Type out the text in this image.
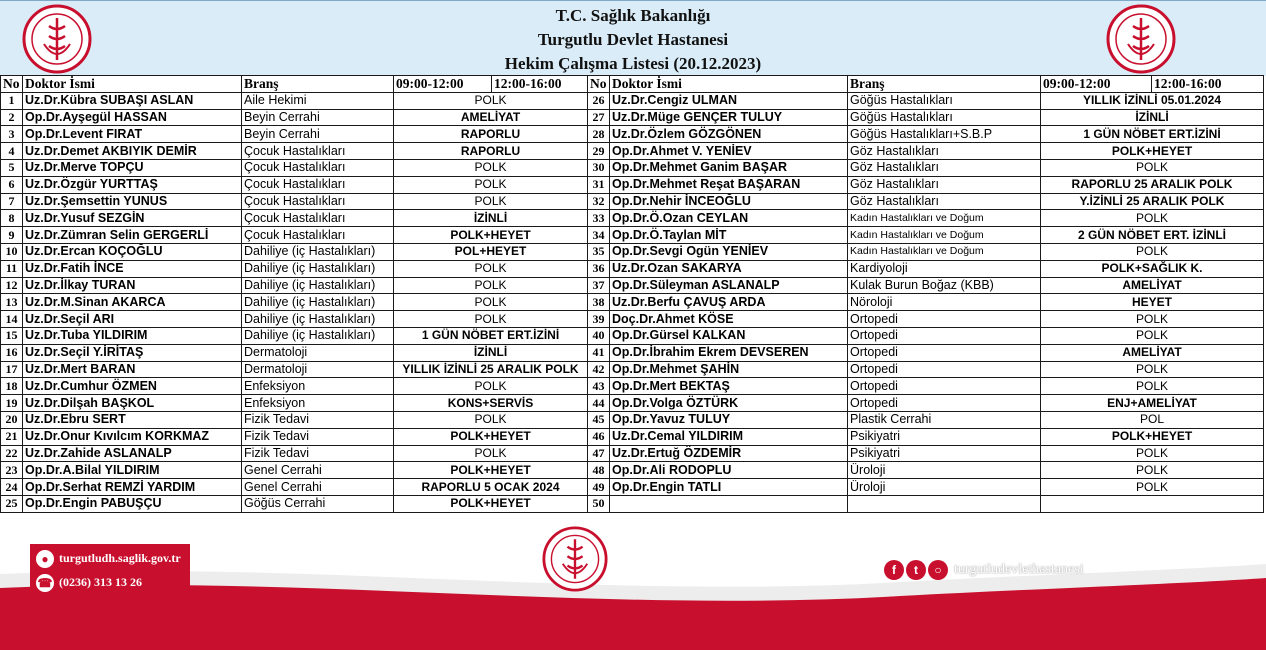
T.C. Sağlık Bakanlığı
Turgutlu Devlet Hastanesi
Hekim Çalışma Listesi (20.12.2023)
No	Doktor İsmi	Branş	09:00-12:00	12:00-16:00	No	Doktor İsmi	Branş	09:00-12:00	12:00-16:00
1	Uz.Dr.Kübra SUBAŞI ASLAN	Aile Hekimi	POLK		26	Uz.Dr.Cengiz ULMAN	Göğüs Hastalıkları	YILLIK İZİNLİ 05.01.2024	
2	Op.Dr.Ayşegül HASSAN	Beyin Cerrahi	AMELİYAT		27	Uz.Dr.Müge GENÇER TULUY	Göğüs Hastalıkları	İZİNLİ	
3	Op.Dr.Levent FIRAT	Beyin Cerrahi	RAPORLU		28	Uz.Dr.Özlem GÖZGÖNEN	Göğüs Hastalıkları+S.B.P	1 GÜN NÖBET ERT.İZİNİ	
4	Uz.Dr.Demet AKBIYIK DEMİR	Çocuk Hastalıkları	RAPORLU		29	Op.Dr.Ahmet V. YENİEV	Göz Hastalıkları	POLK+HEYET	
5	Uz.Dr.Merve TOPÇU	Çocuk Hastalıkları	POLK		30	Op.Dr.Mehmet Ganim BAŞAR	Göz Hastalıkları	POLK	
6	Uz.Dr.Özgür YURTTAŞ	Çocuk Hastalıkları	POLK		31	Op.Dr.Mehmet Reşat BAŞARAN	Göz Hastalıkları	RAPORLU 25 ARALIK POLK	
7	Uz.Dr.Şemsettin YUNUS	Çocuk Hastalıkları	POLK		32	Op.Dr.Nehir İNCEOĞLU	Göz Hastalıkları	Y.İZİNLİ 25 ARALIK POLK	
8	Uz.Dr.Yusuf SEZGİN	Çocuk Hastalıkları	İZİNLİ		33	Op.Dr.Ö.Ozan CEYLAN	Kadın Hastalıkları ve Doğum	POLK	
9	Uz.Dr.Zümran Selin GERGERLİ	Çocuk Hastalıkları	POLK+HEYET		34	Op.Dr.Ö.Taylan MİT	Kadın Hastalıkları ve Doğum	2 GÜN NÖBET ERT. İZİNLİ	
10	Uz.Dr.Ercan KOÇOĞLU	Dahiliye (iç Hastalıkları)	POL+HEYET		35	Op.Dr.Sevgi Ogün YENİEV	Kadın Hastalıkları ve Doğum	POLK	
11	Uz.Dr.Fatih İNCE	Dahiliye (iç Hastalıkları)	POLK		36	Uz.Dr.Ozan SAKARYA	Kardiyoloji	POLK+SAĞLIK K.	
12	Uz.Dr.İlkay TURAN	Dahiliye (iç Hastalıkları)	POLK		37	Op.Dr.Süleyman ASLANALP	Kulak Burun Boğaz (KBB)	AMELİYAT	
13	Uz.Dr.M.Sinan AKARCA	Dahiliye (iç Hastalıkları)	POLK		38	Uz.Dr.Berfu ÇAVUŞ ARDA	Nöroloji	HEYET	
14	Uz.Dr.Seçil ARI	Dahiliye (iç Hastalıkları)	POLK		39	Doç.Dr.Ahmet KÖSE	Ortopedi	POLK	
15	Uz.Dr.Tuba YILDIRIM	Dahiliye (iç Hastalıkları)	1 GÜN NÖBET ERT.İZİNİ		40	Op.Dr.Gürsel KALKAN	Ortopedi	POLK	
16	Uz.Dr.Seçil Y.İRİTAŞ	Dermatoloji	İZİNLİ		41	Op.Dr.İbrahim Ekrem DEVSEREN	Ortopedi	AMELİYAT	
17	Uz.Dr.Mert BARAN	Dermatoloji	YILLIK İZİNLİ 25 ARALIK POLK		42	Op.Dr.Mehmet ŞAHİN	Ortopedi	POLK	
18	Uz.Dr.Cumhur ÖZMEN	Enfeksiyon	POLK		43	Op.Dr.Mert BEKTAŞ	Ortopedi	POLK	
19	Uz.Dr.Dilşah BAŞKOL	Enfeksiyon	KONS+SERVİS		44	Op.Dr.Volga ÖZTÜRK	Ortopedi	ENJ+AMELİYAT	
20	Uz.Dr.Ebru SERT	Fizik Tedavi	POLK		45	Op.Dr.Yavuz TULUY	Plastik Cerrahi	POL	
21	Uz.Dr.Onur Kıvılcım KORKMAZ	Fizik Tedavi	POLK+HEYET		46	Uz.Dr.Cemal YILDIRIM	Psikiyatri	POLK+HEYET	
22	Uz.Dr.Zahide ASLANALP	Fizik Tedavi	POLK		47	Uz.Dr.Ertuğ ÖZDEMİR	Psikiyatri	POLK	
23	Op.Dr.A.Bilal YILDIRIM	Genel Cerrahi	POLK+HEYET		48	Op.Dr.Ali RODOPLU	Üroloji	POLK	
24	Op.Dr.Serhat REMZİ YARDIM	Genel Cerrahi	RAPORLU 5 OCAK 2024		49	Op.Dr.Engin TATLI	Üroloji	POLK	
25	Op.Dr.Engin PABUŞÇU	Göğüs Cerrahi	POLK+HEYET		50				
● turgutludh.saglik.gov.tr
☎ (0236) 313 13 26
f t ○ turgutludevlethastanesi
